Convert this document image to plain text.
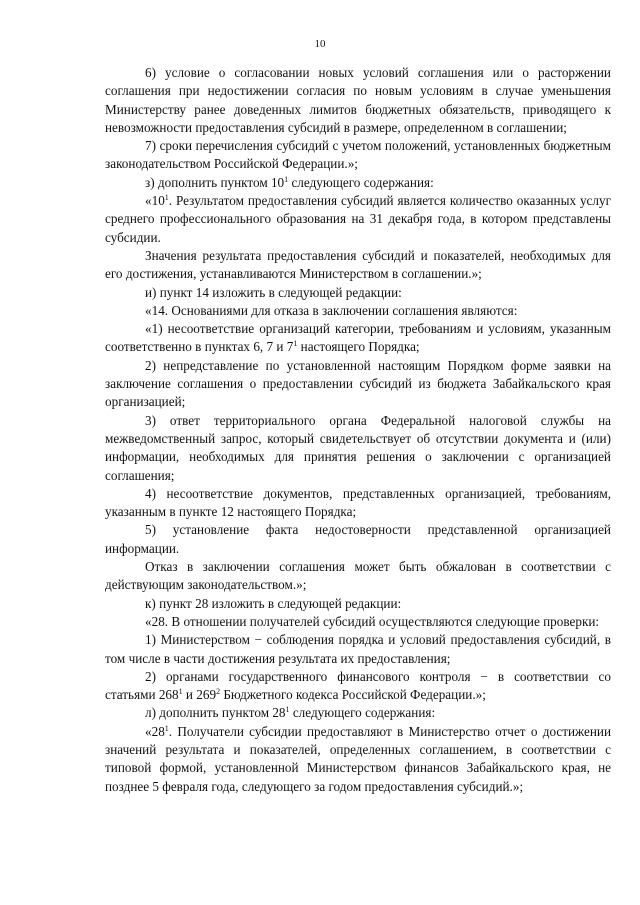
10

6) условие о согласовании новых условий соглашения или о расторжении соглашения при недостижении согласия по новым условиям в случае уменьшения Министерству ранее доведенных лимитов бюджетных обязательств, приводящего к невозможности предоставления субсидий в размере, определенном в соглашении;

7) сроки перечисления субсидий с учетом положений, установленных бюджетным законодательством Российской Федерации.»;

з) дополнить пунктом $10^1$ следующего содержания:

«$10^1$. Результатом предоставления субсидий является количество оказанных услуг среднего профессионального образования на 31 декабря года, в котором представлены субсидии.

Значения результата предоставления субсидий и показателей, необходимых для его достижения, устанавливаются Министерством в соглашении.»;

и) пункт 14 изложить в следующей редакции:

«14. Основаниями для отказа в заключении соглашения являются:

«1) несоответствие организаций категории, требованиям и условиям, указанным соответственно в пунктах 6, 7 и $7^1$ настоящего Порядка;

2) непредставление по установленной настоящим Порядком форме заявки на заключение соглашения о предоставлении субсидий из бюджета Забайкальского края организацией;

3) ответ территориального органа Федеральной налоговой службы на межведомственный запрос, который свидетельствует об отсутствии документа и (или) информации, необходимых для принятия решения о заключении с организацией соглашения;

4) несоответствие документов, представленных организацией, требованиям, указанным в пункте 12 настоящего Порядка;

5) установление факта недостоверности представленной организацией информации.

Отказ в заключении соглашения может быть обжалован в соответствии с действующим законодательством.»;

к) пункт 28 изложить в следующей редакции:

«28. В отношении получателей субсидий осуществляются следующие проверки:

1) Министерством − соблюдения порядка и условий предоставления субсидий, в том числе в части достижения результата их предоставления;

2) органами государственного финансового контроля − в соответствии со статьями $268^1$ и $269^2$ Бюджетного кодекса Российской Федерации.»;

л) дополнить пунктом $28^1$ следующего содержания:

«$28^1$. Получатели субсидии предоставляют в Министерство отчет о достижении значений результата и показателей, определенных соглашением, в соответствии с типовой формой, установленной Министерством финансов Забайкальского края, не позднее 5 февраля года, следующего за годом предоставления субсидий.»;
